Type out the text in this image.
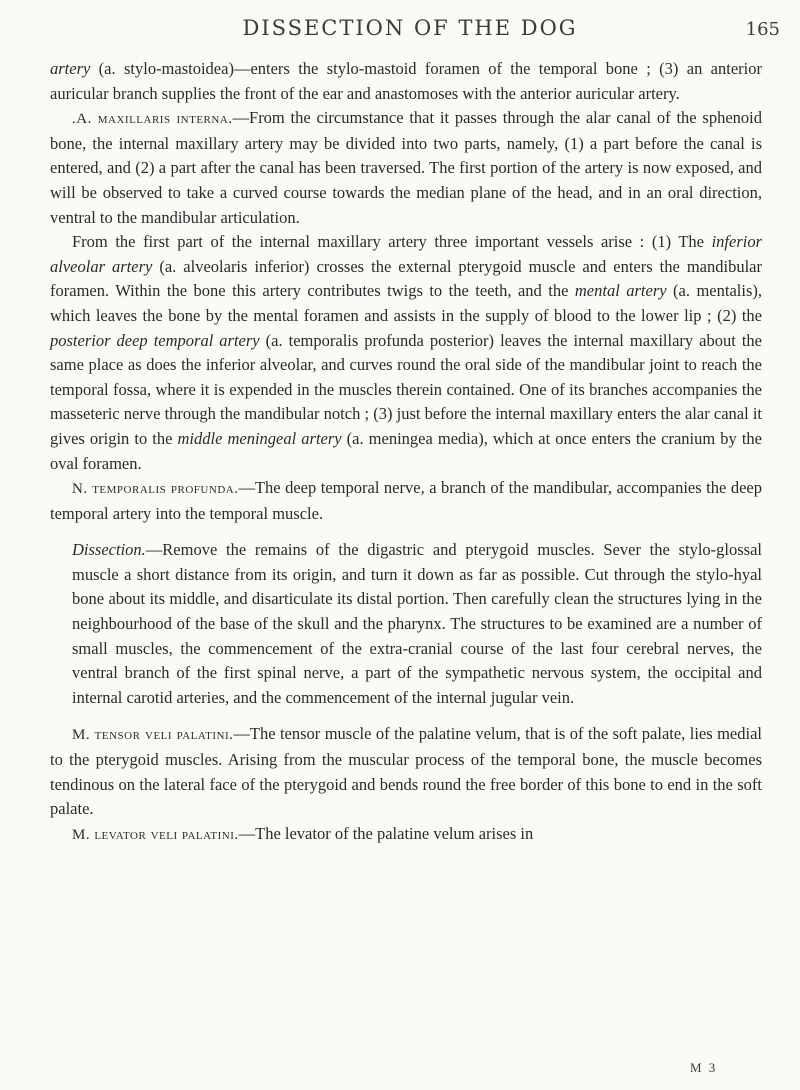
DISSECTION OF THE DOG	165

artery (a. stylo-mastoidea)—enters the stylo-mastoid foramen of the temporal bone ; (3) an anterior auricular branch supplies the front of the ear and anastomoses with the anterior auricular artery.

.A. maxillaris interna.—From the circumstance that it passes through the alar canal of the sphenoid bone, the internal maxillary artery may be divided into two parts, namely, (1) a part before the canal is entered, and (2) a part after the canal has been traversed. The first portion of the artery is now exposed, and will be observed to take a curved course towards the median plane of the head, and in an oral direction, ventral to the mandibular articulation.

From the first part of the internal maxillary artery three important vessels arise : (1) The inferior alveolar artery (a. alveolaris inferior) crosses the external pterygoid muscle and enters the mandibular foramen. Within the bone this artery contributes twigs to the teeth, and the mental artery (a. mentalis), which leaves the bone by the mental foramen and assists in the supply of blood to the lower lip ; (2) the posterior deep temporal artery (a. temporalis profunda posterior) leaves the internal maxillary about the same place as does the inferior alveolar, and curves round the oral side of the mandibular joint to reach the temporal fossa, where it is expended in the muscles therein contained. One of its branches accompanies the masseteric nerve through the mandibular notch ; (3) just before the internal maxillary enters the alar canal it gives origin to the middle meningeal artery (a. meningea media), which at once enters the cranium by the oval foramen.

N. temporalis profunda.—The deep temporal nerve, a branch of the mandibular, accompanies the deep temporal artery into the temporal muscle.

Dissection.—Remove the remains of the digastric and pterygoid muscles. Sever the stylo-glossal muscle a short distance from its origin, and turn it down as far as possible. Cut through the stylo-hyal bone about its middle, and disarticulate its distal portion. Then carefully clean the structures lying in the neighbourhood of the base of the skull and the pharynx. The structures to be examined are a number of small muscles, the commencement of the extra-cranial course of the last four cerebral nerves, the ventral branch of the first spinal nerve, a part of the sympathetic nervous system, the occipital and internal carotid arteries, and the commencement of the internal jugular vein.

M. tensor veli palatini.—The tensor muscle of the palatine velum, that is of the soft palate, lies medial to the pterygoid muscles. Arising from the muscular process of the temporal bone, the muscle becomes tendinous on the lateral face of the pterygoid and bends round the free border of this bone to end in the soft palate.

M. levator veli palatini.—The levator of the palatine velum arises in

M 3
